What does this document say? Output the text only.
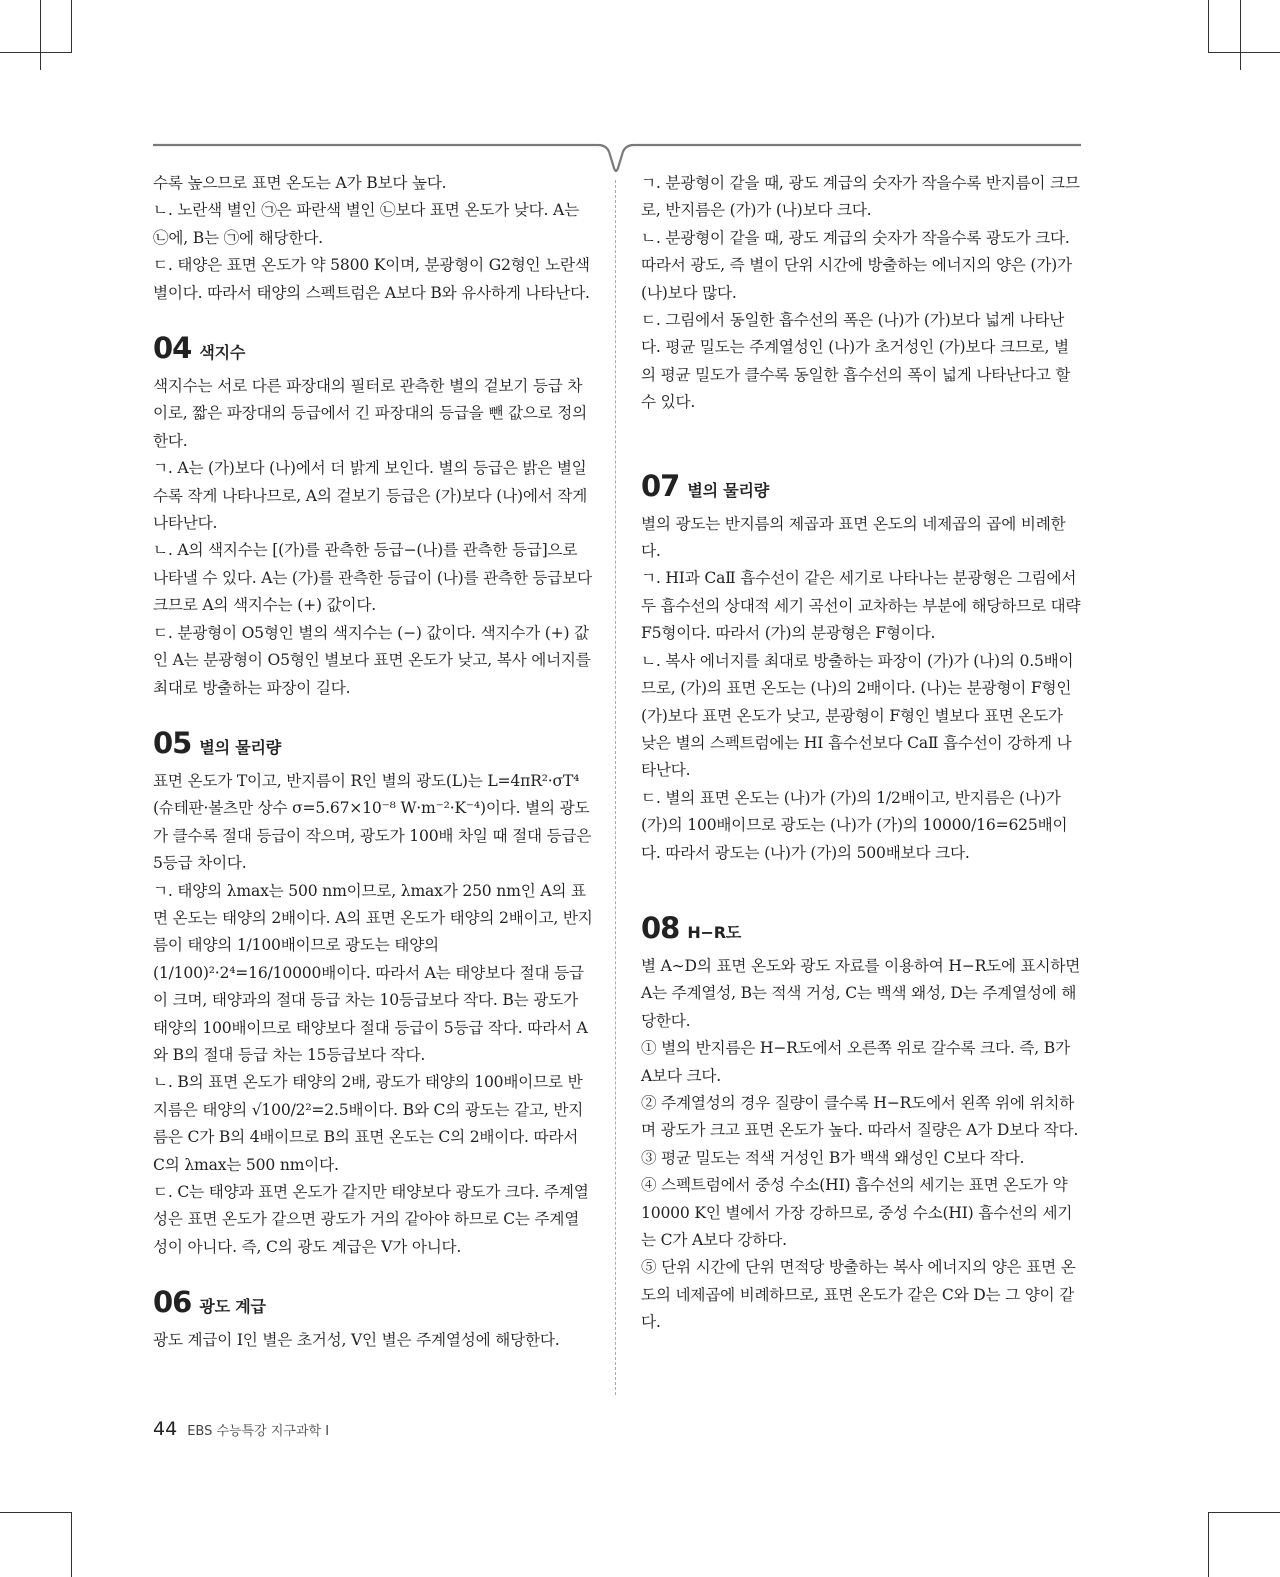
수록 높으므로 표면 온도는 A가 B보다 높다.

ㄴ. 노란색 별인 ㉠은 파란색 별인 ㉡보다 표면 온도가 낮다. A는 ㉡에, B는 ㉠에 해당한다.

ㄷ. 태양은 표면 온도가 약 5800 K이며, 분광형이 G2형인 노란색 별이다. 따라서 태양의 스펙트럼은 A보다 B와 유사하게 나타난다.

04 색지수

색지수는 서로 다른 파장대의 필터로 관측한 별의 겉보기 등급 차이로, 짧은 파장대의 등급에서 긴 파장대의 등급을 뺀 값으로 정의한다.

ㄱ. A는 (가)보다 (나)에서 더 밝게 보인다. 별의 등급은 밝은 별일수록 작게 나타나므로, A의 겉보기 등급은 (가)보다 (나)에서 작게 나타난다.

ㄴ. A의 색지수는 [(가)를 관측한 등급−(나)를 관측한 등급]으로 나타낼 수 있다. A는 (가)를 관측한 등급이 (나)를 관측한 등급보다 크므로 A의 색지수는 (+) 값이다.

ㄷ. 분광형이 O5형인 별의 색지수는 (−) 값이다. 색지수가 (+) 값인 A는 분광형이 O5형인 별보다 표면 온도가 낮고, 복사 에너지를 최대로 방출하는 파장이 길다.

05 별의 물리량

표면 온도가 T이고, 반지름이 R인 별의 광도(L)는 L=4πR²·σT⁴ (슈테판·볼츠만 상수 σ=5.67×10⁻⁸ W·m⁻²·K⁻⁴)이다. 별의 광도가 클수록 절대 등급이 작으며, 광도가 100배 차일 때 절대 등급은 5등급 차이다.

ㄱ. 태양의 λmax는 500 nm이므로, λmax가 250 nm인 A의 표면 온도는 태양의 2배이다. A의 표면 온도가 태양의 2배이고, 반지름이 태양의 1/100배이므로 광도는 태양의 (1/100)²·2⁴=16/10000배이다. 따라서 A는 태양보다 절대 등급이 크며, 태양과의 절대 등급 차는 10등급보다 작다. B는 광도가 태양의 100배이므로 태양보다 절대 등급이 5등급 작다. 따라서 A와 B의 절대 등급 차는 15등급보다 작다.

ㄴ. B의 표면 온도가 태양의 2배, 광도가 태양의 100배이므로 반지름은 태양의 √100/2²=2.5배이다. B와 C의 광도는 같고, 반지름은 C가 B의 4배이므로 B의 표면 온도는 C의 2배이다. 따라서 C의 λmax는 500 nm이다.

ㄷ. C는 태양과 표면 온도가 같지만 태양보다 광도가 크다. 주계열성은 표면 온도가 같으면 광도가 거의 같아야 하므로 C는 주계열성이 아니다. 즉, C의 광도 계급은 Ⅴ가 아니다.

06 광도 계급

광도 계급이 Ⅰ인 별은 초거성, Ⅴ인 별은 주계열성에 해당한다.

ㄱ. 분광형이 같을 때, 광도 계급의 숫자가 작을수록 반지름이 크므로, 반지름은 (가)가 (나)보다 크다.

ㄴ. 분광형이 같을 때, 광도 계급의 숫자가 작을수록 광도가 크다. 따라서 광도, 즉 별이 단위 시간에 방출하는 에너지의 양은 (가)가 (나)보다 많다.

ㄷ. 그림에서 동일한 흡수선의 폭은 (나)가 (가)보다 넓게 나타난다. 평균 밀도는 주계열성인 (나)가 초거성인 (가)보다 크므로, 별의 평균 밀도가 클수록 동일한 흡수선의 폭이 넓게 나타난다고 할 수 있다.

07 별의 물리량

별의 광도는 반지름의 제곱과 표면 온도의 네제곱의 곱에 비례한다.

ㄱ. HⅠ과 CaⅡ 흡수선이 같은 세기로 나타나는 분광형은 그림에서 두 흡수선의 상대적 세기 곡선이 교차하는 부분에 해당하므로 대략 F5형이다. 따라서 (가)의 분광형은 F형이다.

ㄴ. 복사 에너지를 최대로 방출하는 파장이 (가)가 (나)의 0.5배이므로, (가)의 표면 온도는 (나)의 2배이다. (나)는 분광형이 F형인 (가)보다 표면 온도가 낮고, 분광형이 F형인 별보다 표면 온도가 낮은 별의 스펙트럼에는 HⅠ 흡수선보다 CaⅡ 흡수선이 강하게 나타난다.

ㄷ. 별의 표면 온도는 (나)가 (가)의 1/2배이고, 반지름은 (나)가 (가)의 100배이므로 광도는 (나)가 (가)의 10000/16=625배이다. 따라서 광도는 (나)가 (가)의 500배보다 크다.

08 H−R도

별 A∼D의 표면 온도와 광도 자료를 이용하여 H−R도에 표시하면 A는 주계열성, B는 적색 거성, C는 백색 왜성, D는 주계열성에 해당한다.

① 별의 반지름은 H−R도에서 오른쪽 위로 갈수록 크다. 즉, B가 A보다 크다.

② 주계열성의 경우 질량이 클수록 H−R도에서 왼쪽 위에 위치하며 광도가 크고 표면 온도가 높다. 따라서 질량은 A가 D보다 작다.

③ 평균 밀도는 적색 거성인 B가 백색 왜성인 C보다 작다.

④ 스펙트럼에서 중성 수소(HⅠ) 흡수선의 세기는 표면 온도가 약 10000 K인 별에서 가장 강하므로, 중성 수소(HⅠ) 흡수선의 세기는 C가 A보다 강하다.

⑤ 단위 시간에 단위 면적당 방출하는 복사 에너지의 양은 표면 온도의 네제곱에 비례하므로, 표면 온도가 같은 C와 D는 그 양이 같다.

44 EBS 수능특강 지구과학 Ⅰ
